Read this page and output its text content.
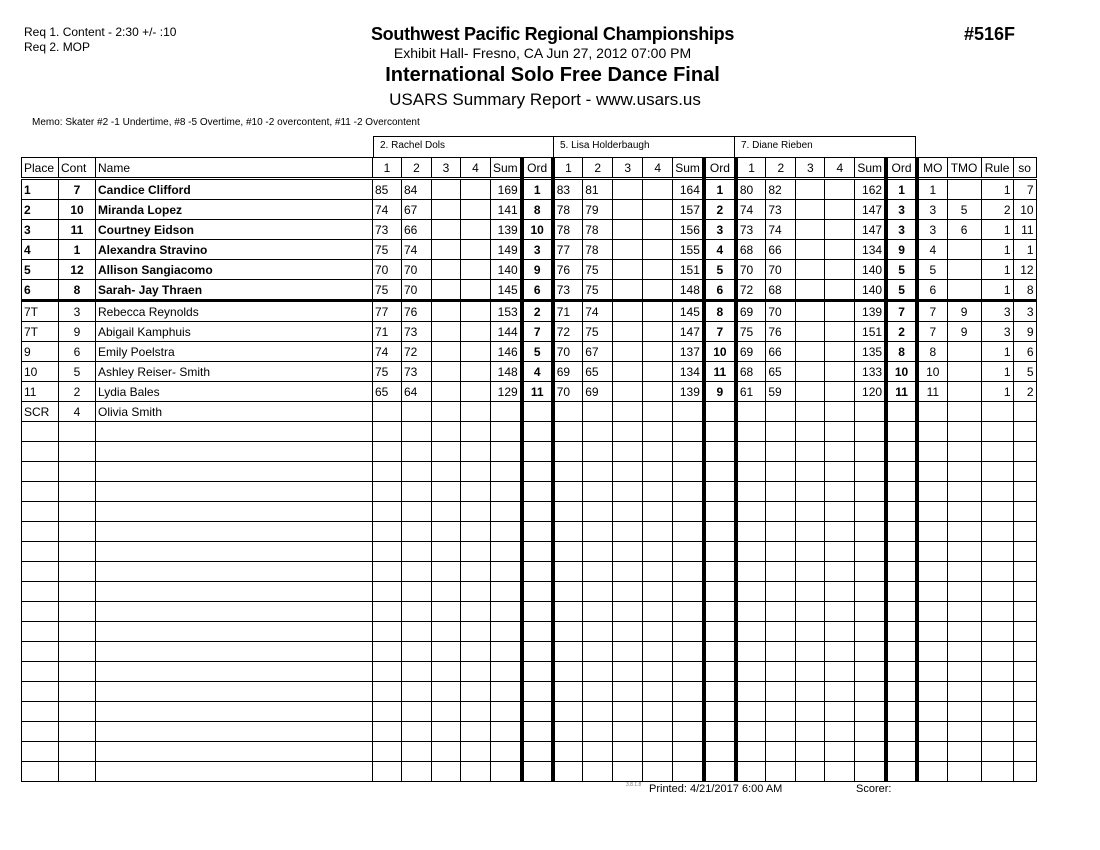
Req 1. Content - 2:30 +/- :10
Req 2. MOP
Southwest Pacific Regional Championships
Exhibit Hall- Fresno, CA Jun 27, 2012 07:00 PM
International Solo Free Dance Final
USARS Summary Report - www.usars.us
#516F
Memo: Skater #2 -1 Undertime, #8 -5 Overtime, #10 -2 overcontent, #11 -2 Overcontent
2. Rachel Dols	5. Lisa Holderbaugh	7. Diane Rieben
Place	Cont	Name	1	2	3	4	Sum	Ord	1	2	3	4	Sum	Ord	1	2	3	4	Sum	Ord	MO	TMO	Rule	so
1	7	Candice Clifford	85	84			169	1	83	81			164	1	80	82			162	1	1		1	7
2	10	Miranda Lopez	74	67			141	8	78	79			157	2	74	73			147	3	3	5	2	10
3	11	Courtney Eidson	73	66			139	10	78	78			156	3	73	74			147	3	3	6	1	11
4	1	Alexandra Stravino	75	74			149	3	77	78			155	4	68	66			134	9	4		1	1
5	12	Allison Sangiacomo	70	70			140	9	76	75			151	5	70	70			140	5	5		1	12
6	8	Sarah- Jay Thraen	75	70			145	6	73	75			148	6	72	68			140	5	6		1	8
7T	3	Rebecca Reynolds	77	76			153	2	71	74			145	8	69	70			139	7	7	9	3	3
7T	9	Abigail Kamphuis	71	73			144	7	72	75			147	7	75	76			151	2	7	9	3	9
9	6	Emily Poelstra	74	72			146	5	70	67			137	10	69	66			135	8	8		1	6
10	5	Ashley Reiser- Smith	75	73			148	4	69	65			134	11	68	65			133	10	10		1	5
11	2	Lydia Bales	65	64			129	11	70	69			139	9	61	59			120	11	11		1	2
SCR	4	Olivia Smith																						

3.8.1.8 Printed: 4/21/2017 6:00 AM	Scorer:
